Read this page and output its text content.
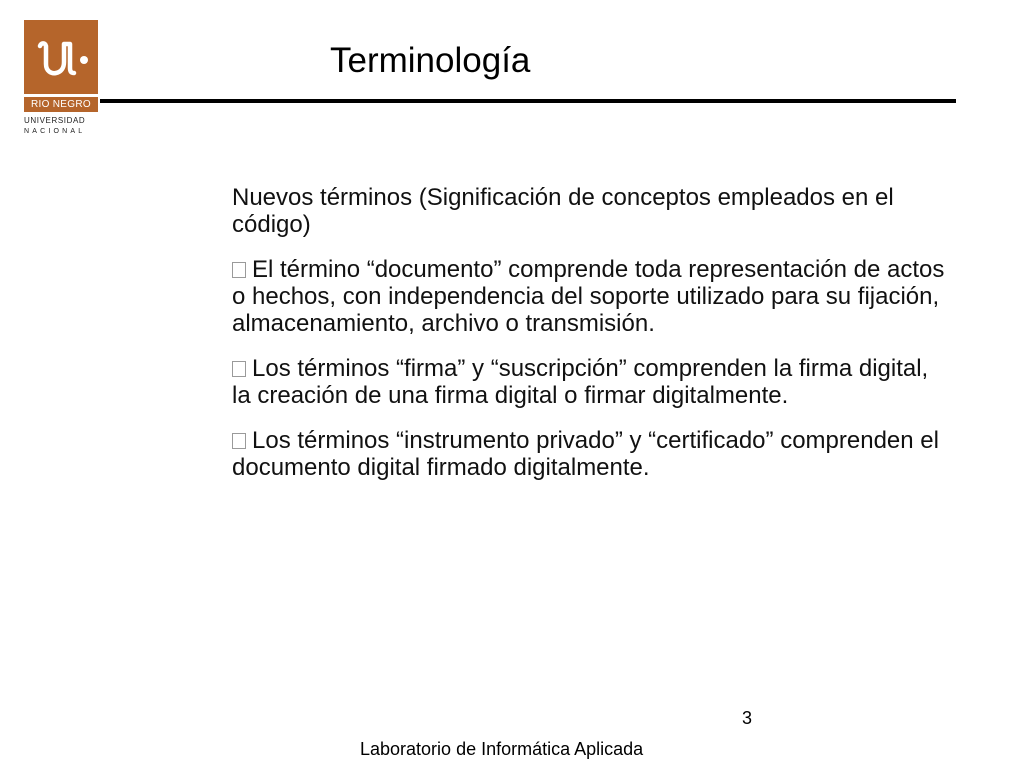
RIO NEGRO
UNIVERSIDAD
NACIONAL
Terminología

Nuevos términos (Significación de conceptos empleados en el código)

El término “documento” comprende toda representación de actos o hechos, con independencia del soporte utilizado para su fijación, almacenamiento, archivo o transmisión.

Los términos “firma” y “suscripción” comprenden la firma digital, la creación de una firma digital o firmar digitalmente.

Los términos “instrumento privado” y “certificado” comprenden el documento digital firmado digitalmente.

3
Laboratorio de Informática Aplicada
